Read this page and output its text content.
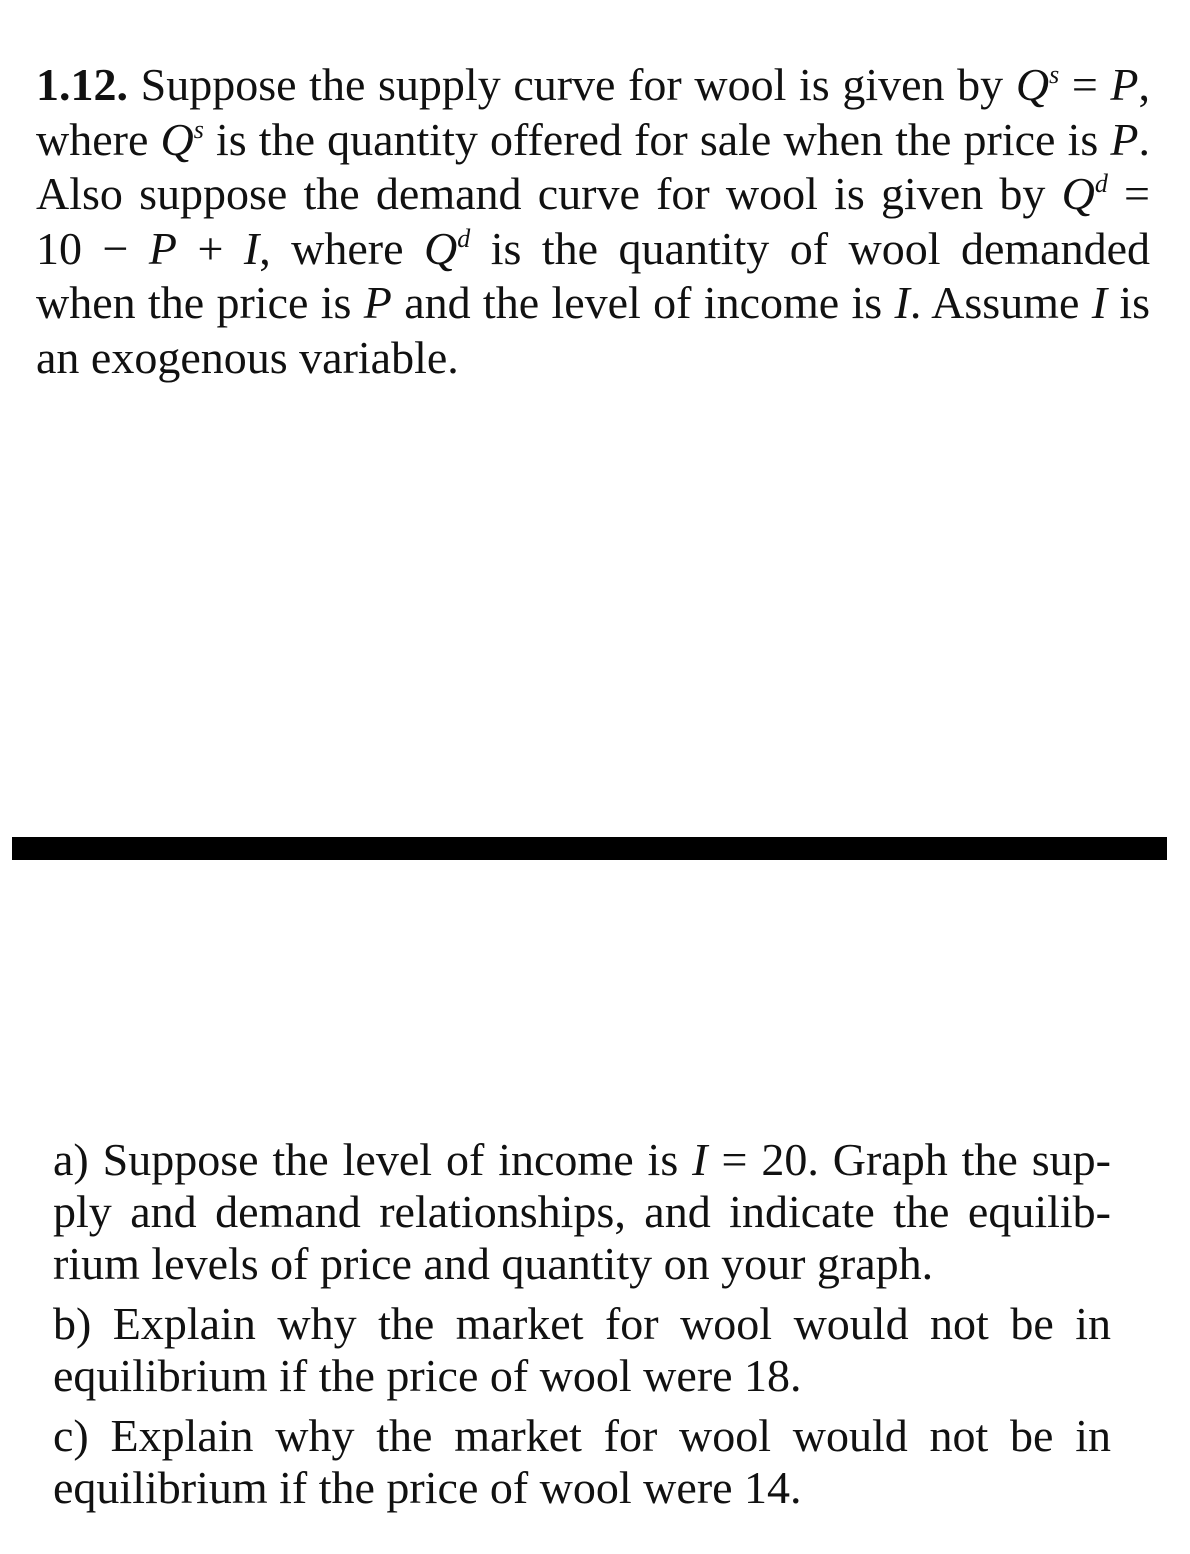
1.12. Suppose the supply curve for wool is given by $Q^s = P$, where $Q^s$ is the quantity offered for sale when the price is P. Also suppose the demand curve for wool is given by $Q^d = 10 - P + I$, where $Q^d$ is the quantity of wool demanded when the price is P and the level of income is I. Assume I is an exogenous variable.

a) Suppose the level of income is I = 20. Graph the sup-ply and demand relationships, and indicate the equilib-rium levels of price and quantity on your graph.

b) Explain why the market for wool would not be in equilibrium if the price of wool were 18.

c) Explain why the market for wool would not be in equilibrium if the price of wool were 14.
